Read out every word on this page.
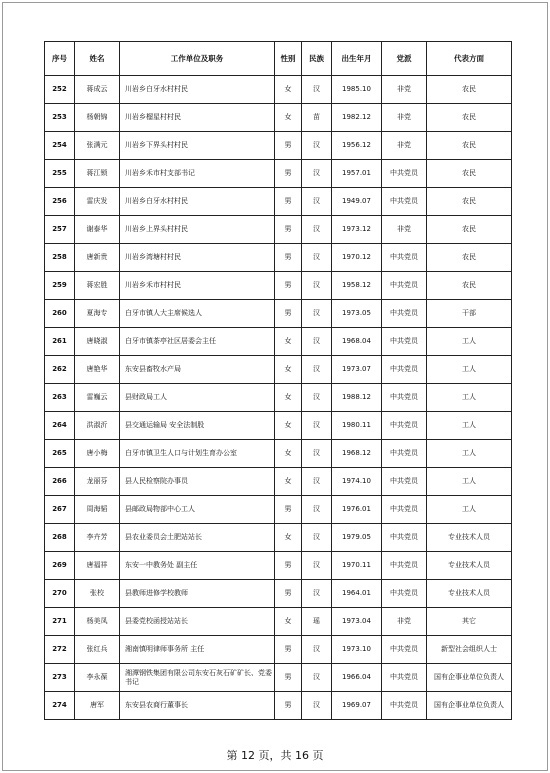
序号	姓名	工作单位及职务	性别	民族	出生年月	党派	代表方面
252	蒋成云	川岩乡白牙水村村民	女	汉	1985.10	非党	农民
253	杨朝锦	川岩乡榴星村村民	女	苗	1982.12	非党	农民
254	张满元	川岩乡下界头村村民	男	汉	1956.12	非党	农民
255	蒋江锁	川岩乡禾市村支部书记	男	汉	1957.01	中共党员	农民
256	雷庆发	川岩乡白牙水村村民	男	汉	1949.07	中共党员	农民
257	谢泰华	川岩乡上界头村村民	男	汉	1973.12	非党	农民
258	唐新贵	川岩乡湾塘村村民	男	汉	1970.12	中共党员	农民
259	蒋宏胜	川岩乡禾市村村民	男	汉	1958.12	中共党员	农民
260	夏海专	白牙市镇人大主席候选人	男	汉	1973.05	中共党员	干部
261	唐晓淑	白牙市镇茶亭社区居委会主任	女	汉	1968.04	中共党员	工人
262	唐艳华	东安县畜牧水产局	女	汉	1973.07	中共党员	工人
263	雷巍云	县财政局工人	女	汉	1988.12	中共党员	工人
264	洪淑沂	县交通运输局 安全法制股	女	汉	1980.11	中共党员	工人
265	唐小梅	白牙市镇卫生人口与计划生育办公室	女	汉	1968.12	中共党员	工人
266	龙丽芬	县人民检察院办事员	女	汉	1974.10	中共党员	工人
267	周海韬	县邮政局物部中心工人	男	汉	1976.01	中共党员	工人
268	李卉芳	县农业委员会土肥站站长	女	汉	1979.05	中共党员	专业技术人员
269	唐福祥	东安一中教务处 副主任	男	汉	1970.11	中共党员	专业技术人员
270	张校	县教师进修学校教师	男	汉	1964.01	中共党员	专业技术人员
271	杨美凤	县委党校函授站站长	女	瑶	1973.04	非党	其它
272	张红兵	湘南慎明律师事务所 主任	男	汉	1973.10	中共党员	新型社会组织人士
273	李永葆	湘潭钢铁集团有限公司东安石灰石矿矿长、党委书记	男	汉	1966.04	中共党员	国有企事业单位负责人
274	唐军	东安县农商行董事长	男	汉	1969.07	中共党员	国有企事业单位负责人
第 12 页，共 16 页
